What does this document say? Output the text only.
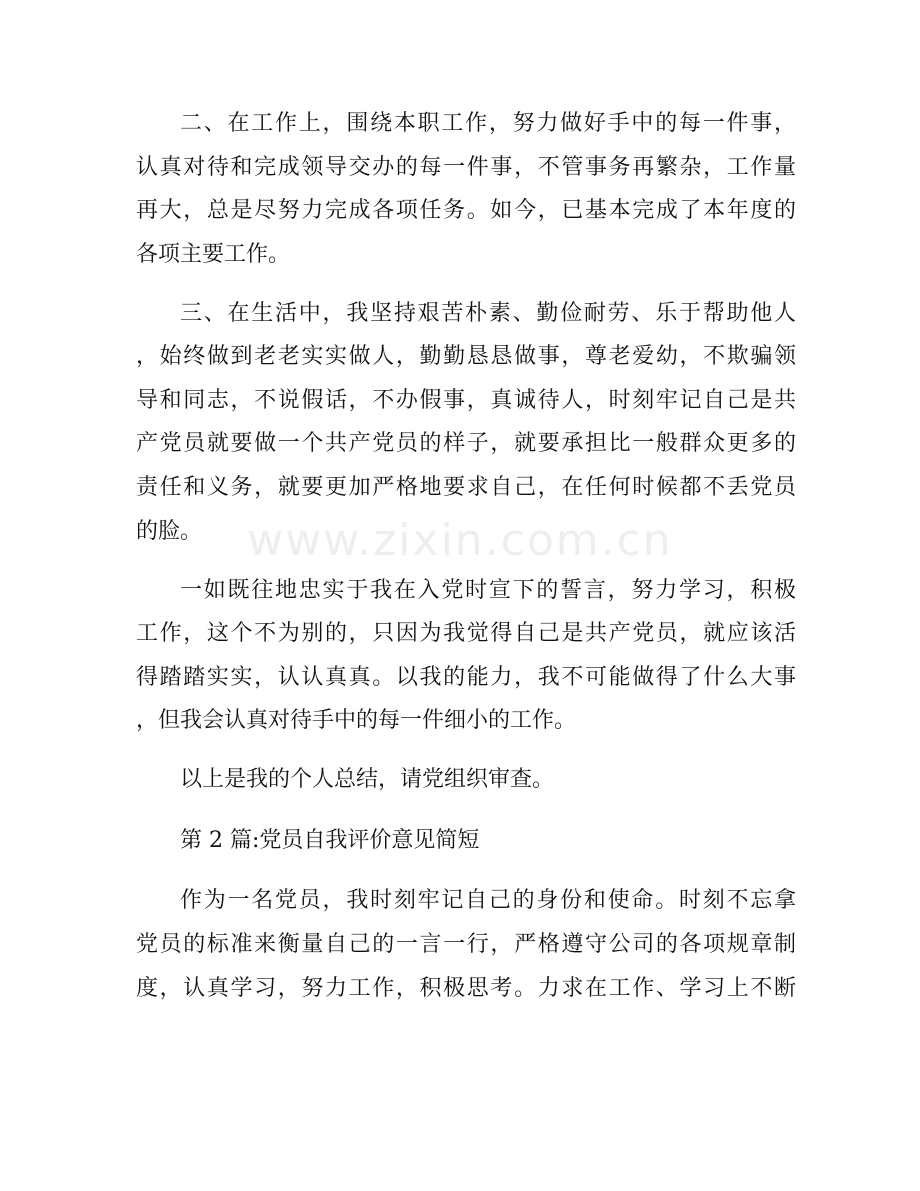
www.zixin.com.cn
二、在工作上，围绕本职工作，努力做好手中的每一件事，
认真对待和完成领导交办的每一件事，不管事务再繁杂，工作量
再大，总是尽努力完成各项任务。如今，已基本完成了本年度的
各项主要工作。
三、在生活中，我坚持艰苦朴素、勤俭耐劳、乐于帮助他人
，始终做到老老实实做人，勤勤恳恳做事，尊老爱幼，不欺骗领
导和同志，不说假话，不办假事，真诚待人，时刻牢记自己是共
产党员就要做一个共产党员的样子，就要承担比一般群众更多的
责任和义务，就要更加严格地要求自己，在任何时候都不丢党员
的脸。
一如既往地忠实于我在入党时宣下的誓言，努力学习，积极
工作，这个不为别的，只因为我觉得自己是共产党员，就应该活
得踏踏实实，认认真真。以我的能力，我不可能做得了什么大事
，但我会认真对待手中的每一件细小的工作。
以上是我的个人总结，请党组织审查。
第 2 篇:党员自我评价意见简短
作为一名党员，我时刻牢记自己的身份和使命。时刻不忘拿
党员的标准来衡量自己的一言一行，严格遵守公司的各项规章制
度，认真学习，努力工作，积极思考。力求在工作、学习上不断
